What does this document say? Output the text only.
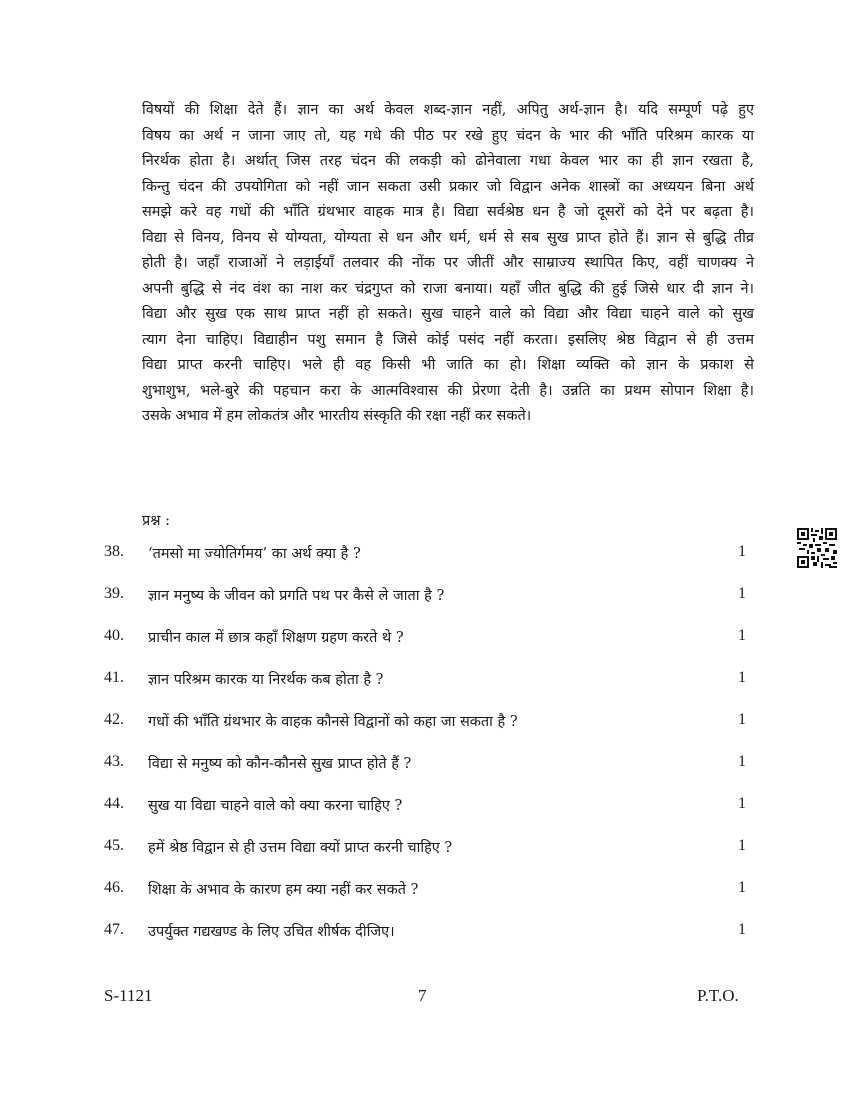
विषयों की शिक्षा देते हैं। ज्ञान का अर्थ केवल शब्द-ज्ञान नहीं, अपितु अर्थ-ज्ञान है। यदि सम्पूर्ण पढ़े हुए
विषय का अर्थ न जाना जाए तो, यह गधे की पीठ पर रखे हुए चंदन के भार की भाँति परिश्रम कारक या
निरर्थक होता है। अर्थात् जिस तरह चंदन की लकड़ी को ढोनेवाला गधा केवल भार का ही ज्ञान रखता है,
किन्तु चंदन की उपयोगिता को नहीं जान सकता उसी प्रकार जो विद्वान अनेक शास्त्रों का अध्ययन बिना अर्थ
समझे करे वह गधों की भाँति ग्रंथभार वाहक मात्र है। विद्या सर्वश्रेष्ठ धन है जो दूसरों को देने पर बढ़ता है।
विद्या से विनय, विनय से योग्यता, योग्यता से धन और धर्म, धर्म से सब सुख प्राप्त होते हैं। ज्ञान से बुद्धि तीव्र
होती है। जहाँ राजाओं ने लड़ाईयाँ तलवार की नोंक पर जीतीं और साम्राज्य स्थापित किए, वहीं चाणक्य ने
अपनी बुद्धि से नंद वंश का नाश कर चंद्रगुप्त को राजा बनाया। यहाँ जीत बुद्धि की हुई जिसे धार दी ज्ञान ने।
विद्या और सुख एक साथ प्राप्त नहीं हो सकते। सुख चाहने वाले को विद्या और विद्या चाहने वाले को सुख
त्याग देना चाहिए। विद्याहीन पशु समान है जिसे कोई पसंद नहीं करता। इसलिए श्रेष्ठ विद्वान से ही उत्तम
विद्या प्राप्त करनी चाहिए। भले ही वह किसी भी जाति का हो। शिक्षा व्यक्ति को ज्ञान के प्रकाश से
शुभाशुभ, भले-बुरे की पहचान करा के आत्मविश्वास की प्रेरणा देती है। उन्नति का प्रथम सोपान शिक्षा है।
उसके अभाव में हम लोकतंत्र और भारतीय संस्कृति की रक्षा नहीं कर सकते।
प्रश्न :
38. ‘तमसो मा ज्योतिर्गमय’ का अर्थ क्या है ?	1
39. ज्ञान मनुष्य के जीवन को प्रगति पथ पर कैसे ले जाता है ?	1
40. प्राचीन काल में छात्र कहाँ शिक्षण ग्रहण करते थे ?	1
41. ज्ञान परिश्रम कारक या निरर्थक कब होता है ?	1
42. गधों की भाँति ग्रंथभार के वाहक कौनसे विद्वानों को कहा जा सकता है ?	1
43. विद्या से मनुष्य को कौन-कौनसे सुख प्राप्त होते हैं ?	1
44. सुख या विद्या चाहने वाले को क्या करना चाहिए ?	1
45. हमें श्रेष्ठ विद्वान से ही उत्तम विद्या क्यों प्राप्त करनी चाहिए ?	1
46. शिक्षा के अभाव के कारण हम क्या नहीं कर सकते ?	1
47. उपर्युक्त गद्यखण्ड के लिए उचित शीर्षक दीजिए।	1
S-1121	7	P.T.O.
